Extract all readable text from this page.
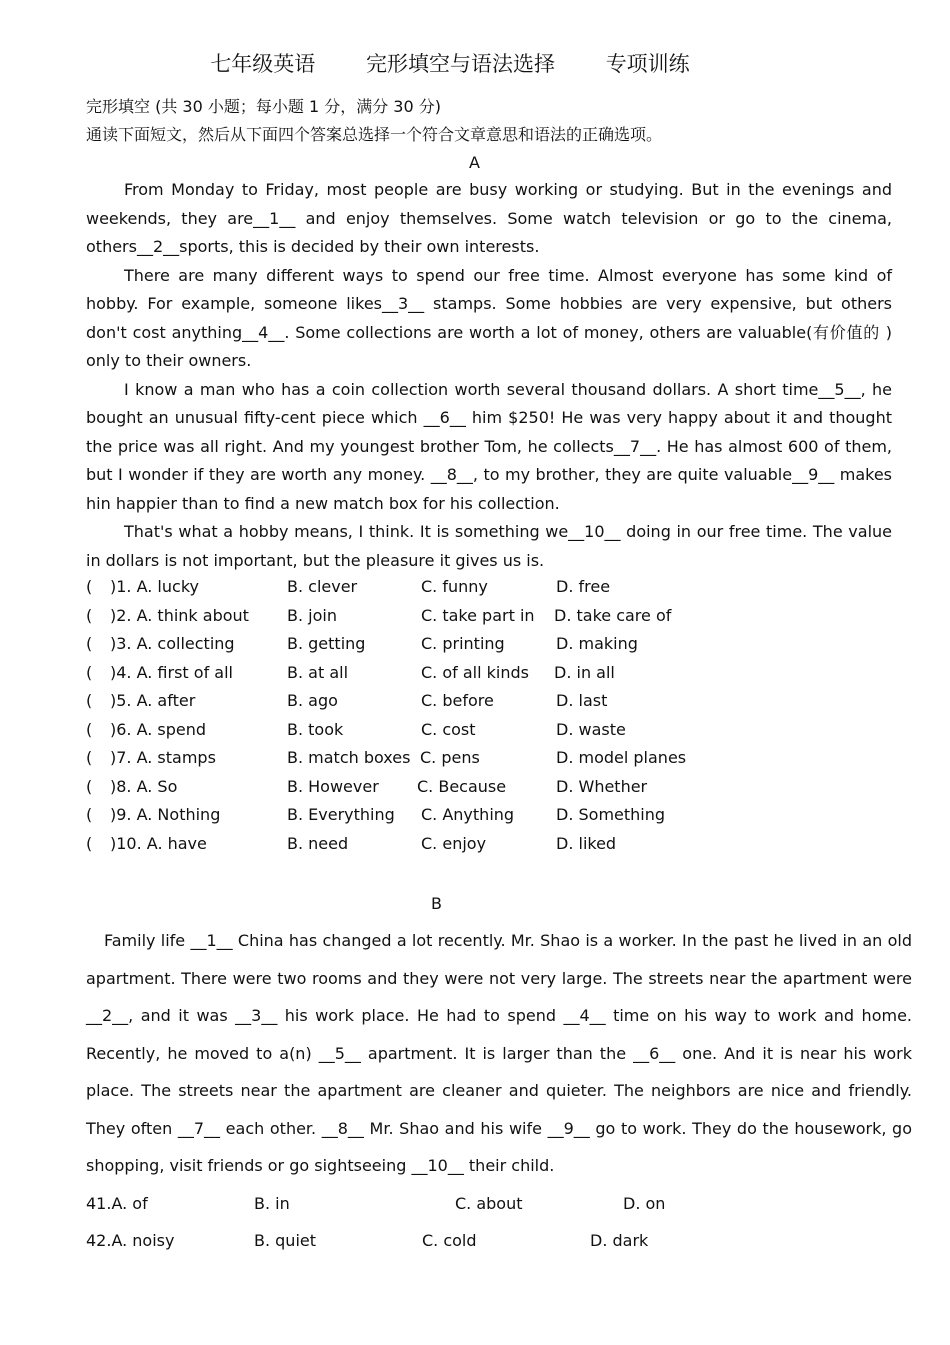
七年级英语 完形填空与语法选择 专项训练
完形填空 (共 30 小题；每小题 1 分，满分 30 分)
通读下面短文，然后从下面四个答案总选择一个符合文章意思和语法的正确选项。
A

From Monday to Friday, most people are busy working or studying. But in the evenings and weekends, they are__1__ and enjoy themselves. Some watch television or go to the cinema, others__2__sports, this is decided by their own interests.

There are many different ways to spend our free time. Almost everyone has some kind of hobby. For example, someone likes__3__ stamps. Some hobbies are very expensive, but others don't cost anything__4__. Some collections are worth a lot of money, others are valuable(有价值的 ) only to their owners.

I know a man who has a coin collection worth several thousand dollars. A short time__5__, he bought an unusual fifty-cent piece which __6__ him $250! He was very happy about it and thought the price was all right. And my youngest brother Tom, he collects__7__. He has almost 600 of them, but I wonder if they are worth any money. __8__, to my brother, they are quite valuable__9__ makes hin happier than to find a new match box for his collection.

That's what a hobby means, I think. It is something we__10__ doing in our free time. The value in dollars is not important, but the pleasure it gives us is.

( )1. A. lucky	B. clever	C. funny	D. free
( )2. A. think about B. join	C. take part in D. take care of
( )3. A. collecting	B. getting	C. printing	D. making
( )4. A. first of all	B. at all	C. of all kinds D. in all
( )5. A. after	B. ago	C. before	D. last
( )6. A. spend	B. took	C. cost	D. waste
( )7. A. stamps	B. match boxes C. pens	D. model planes
( )8. A. So	B. However C. Because	D. Whether
( )9. A. Nothing	B. Everything C. Anything	D. Something
( )10. A. have	B. need	C. enjoy	D. liked
B

Family life __1__ China has changed a lot recently. Mr. Shao is a worker. In the past he lived in an old apartment. There were two rooms and they were not very large. The streets near the apartment were __2__, and it was __3__ his work place. He had to spend __4__ time on his way to work and home. Recently, he moved to a(n) __5__ apartment. It is larger than the __6__ one. And it is near his work place. The streets near the apartment are cleaner and quieter. The neighbors are nice and friendly. They often __7__ each other. __8__ Mr. Shao and his wife __9__ go to work. They do the housework, go shopping, visit friends or go sightseeing __10__ their child.

41.A. of	B. in	C. about	D. on
42.A. noisy	B. quiet	C. cold	D. dark
